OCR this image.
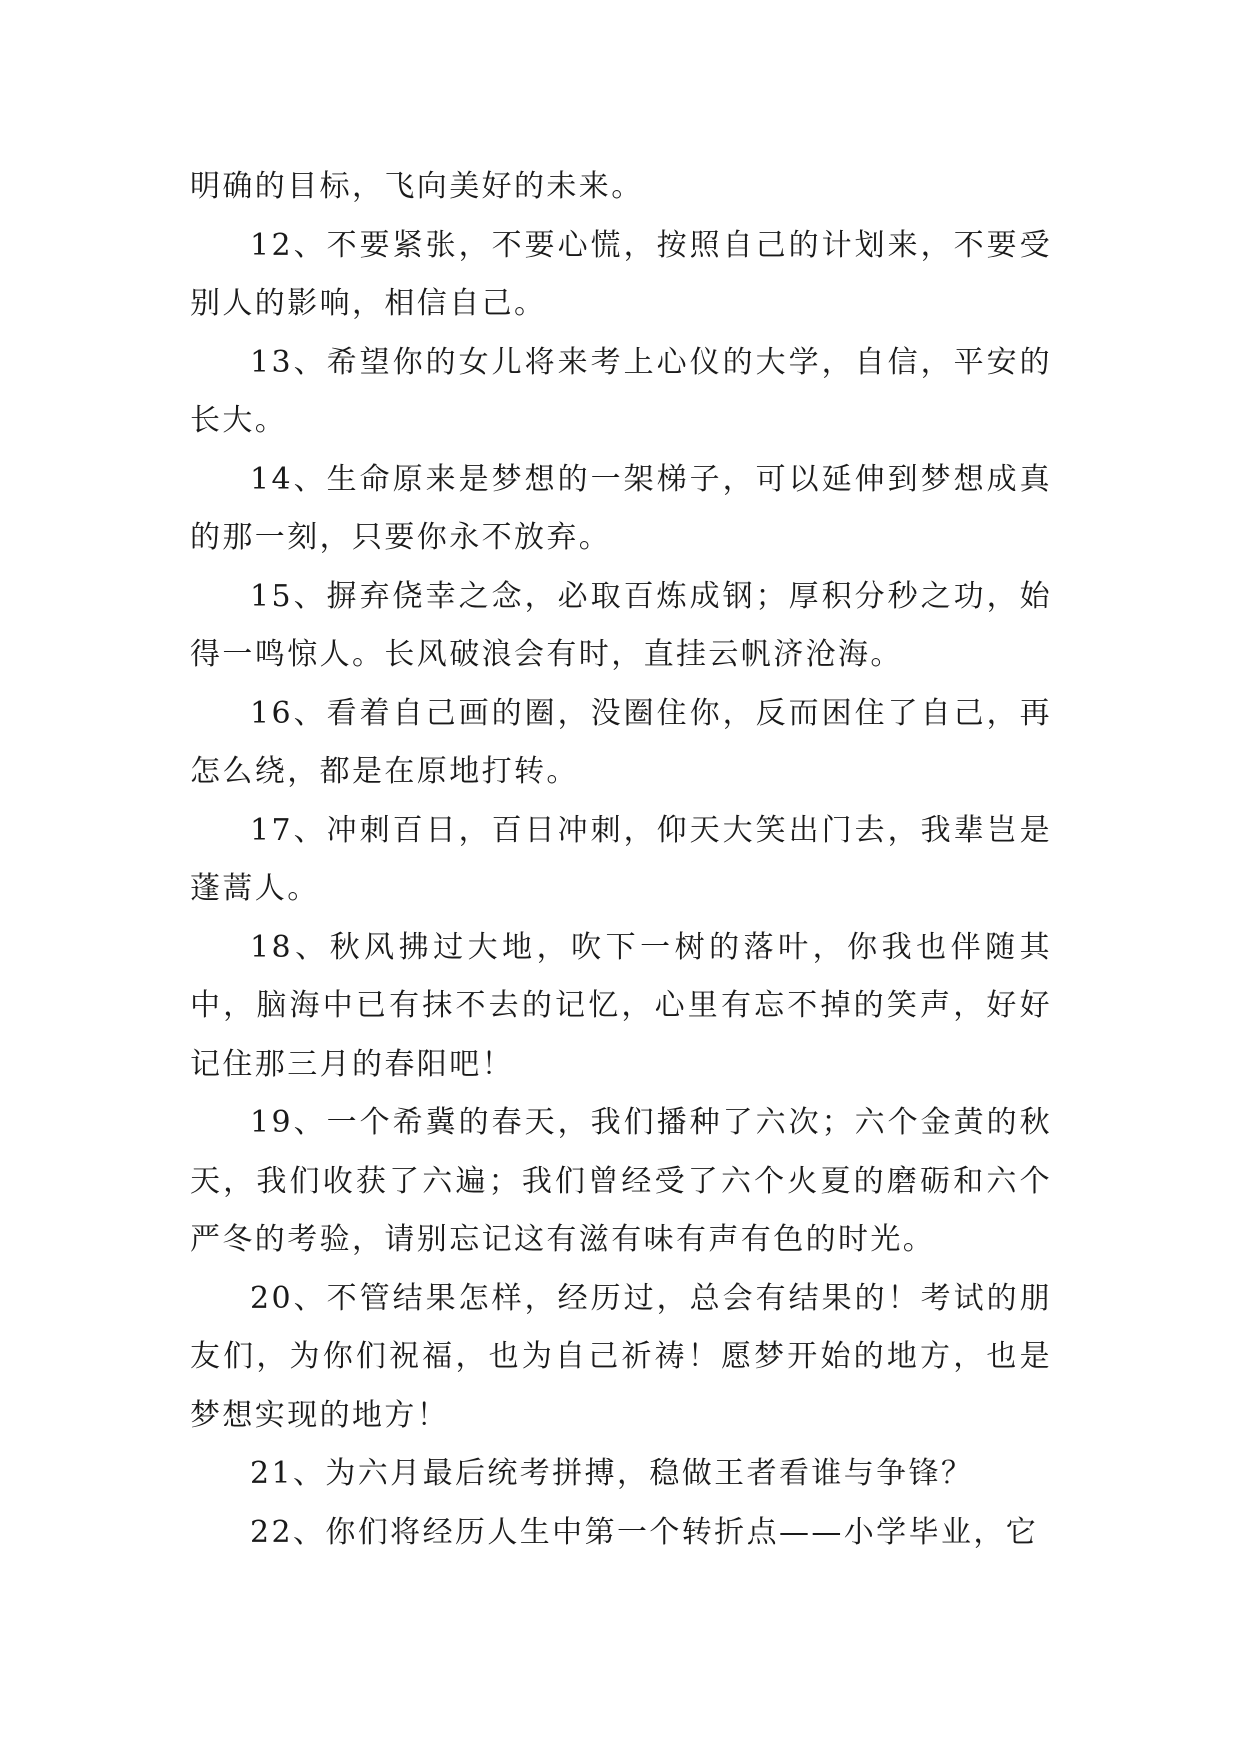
明确的目标，飞向美好的未来。

12、不要紧张，不要心慌，按照自己的计划来，不要受别人的影响，相信自己。

13、希望你的女儿将来考上心仪的大学，自信，平安的长大。

14、生命原来是梦想的一架梯子，可以延伸到梦想成真的那一刻，只要你永不放弃。

15、摒弃侥幸之念，必取百炼成钢；厚积分秒之功，始得一鸣惊人。长风破浪会有时，直挂云帆济沧海。

16、看着自己画的圈，没圈住你，反而困住了自己，再怎么绕，都是在原地打转。

17、冲刺百日，百日冲刺，仰天大笑出门去，我辈岂是蓬蒿人。

18、秋风拂过大地，吹下一树的落叶，你我也伴随其中，脑海中已有抹不去的记忆，心里有忘不掉的笑声，好好记住那三月的春阳吧！

19、一个希冀的春天，我们播种了六次；六个金黄的秋天，我们收获了六遍；我们曾经受了六个火夏的磨砺和六个严冬的考验，请别忘记这有滋有味有声有色的时光。

20、不管结果怎样，经历过，总会有结果的！考试的朋友们，为你们祝福，也为自己祈祷！愿梦开始的地方，也是梦想实现的地方！

21、为六月最后统考拼搏，稳做王者看谁与争锋？

22、你们将经历人生中第一个转折点——小学毕业，它
